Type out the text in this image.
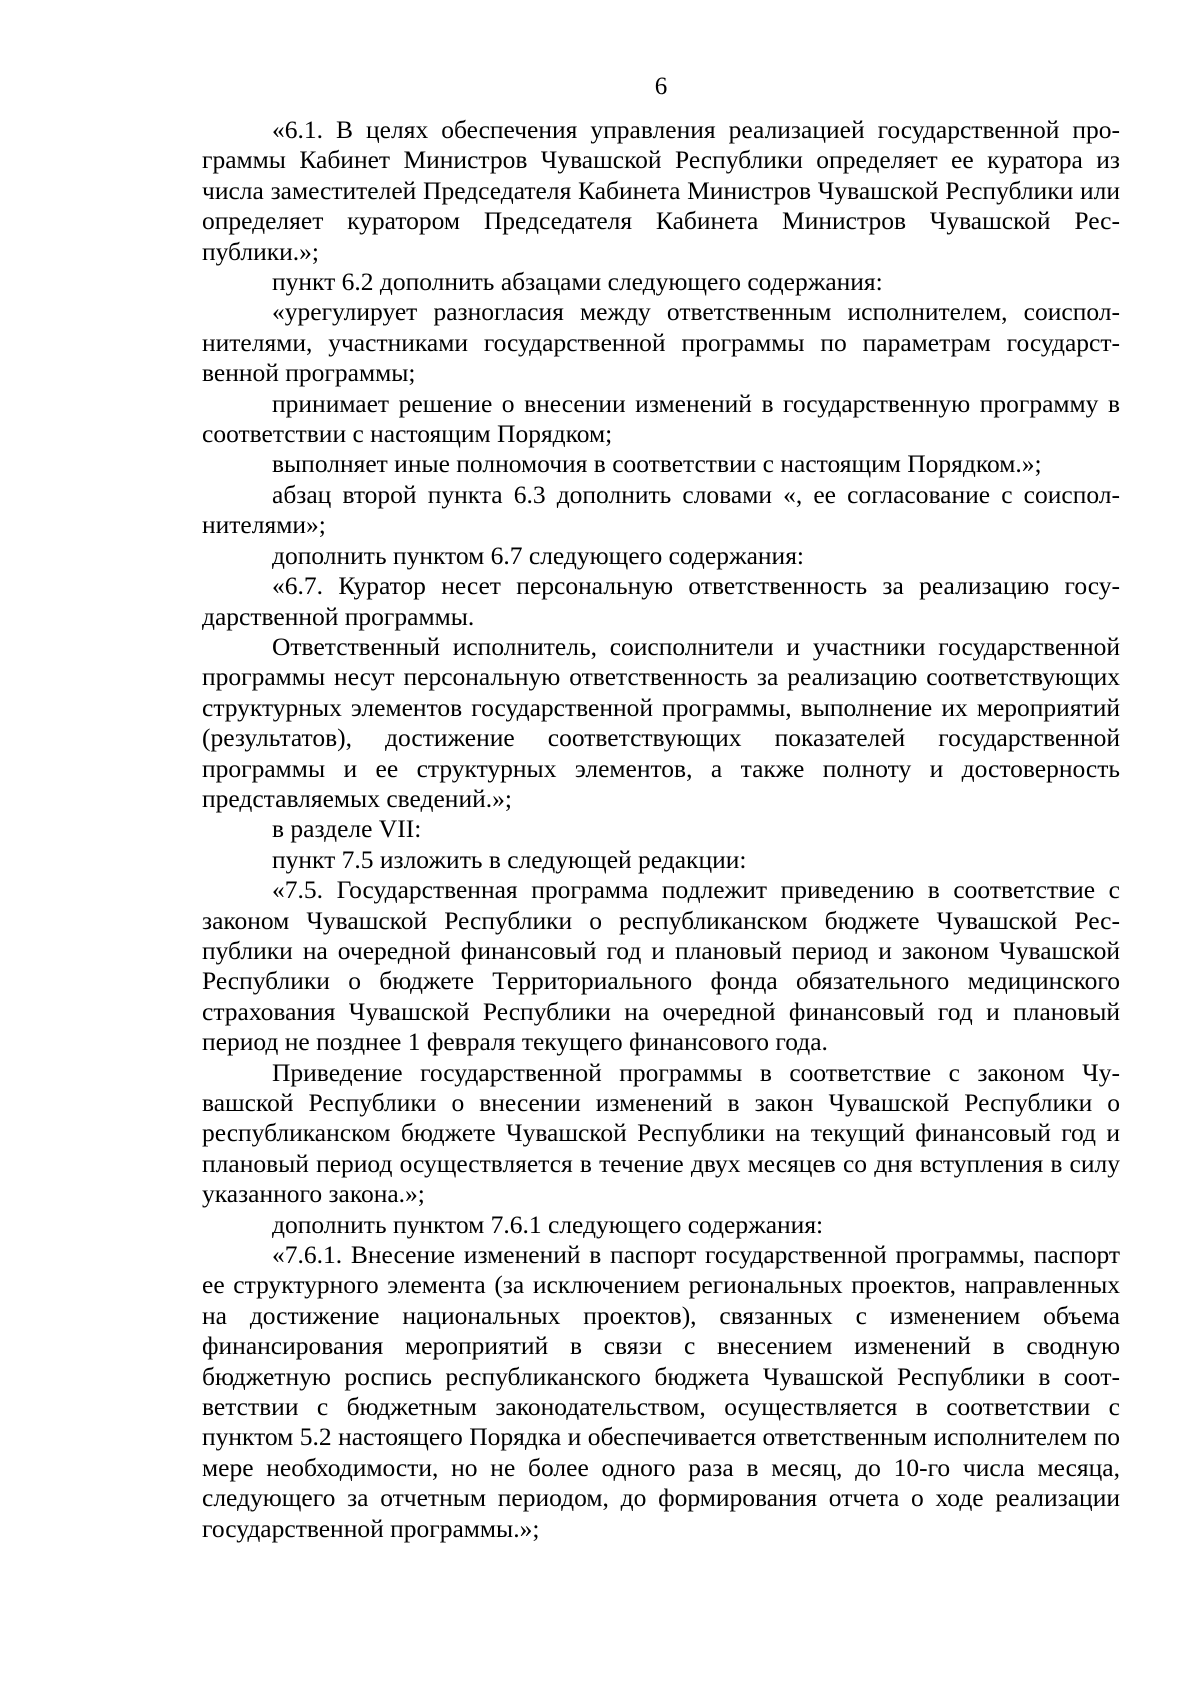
6

«6.1. В целях обеспечения управления реализацией государственной программы Кабинет Министров Чувашской Республики определяет ее куратора из числа заместителей Председателя Кабинета Министров Чувашской Республики или определяет куратором Председателя Кабинета Министров Чувашской Республики.»;

пункт 6.2 дополнить абзацами следующего содержания:

«урегулирует разногласия между ответственным исполнителем, соисполнителями, участниками государственной программы по параметрам государственной программы;

принимает решение о внесении изменений в государственную программу в соответствии с настоящим Порядком;

выполняет иные полномочия в соответствии с настоящим Порядком.»;

абзац второй пункта 6.3 дополнить словами «, ее согласование с соисполнителями»;

дополнить пунктом 6.7 следующего содержания:

«6.7. Куратор несет персональную ответственность за реализацию государственной программы.

Ответственный исполнитель, соисполнители и участники государственной программы несут персональную ответственность за реализацию соответствующих структурных элементов государственной программы, выполнение их мероприятий (результатов), достижение соответствующих показателей государственной программы и ее структурных элементов, а также полноту и достоверность представляемых сведений.»;

в разделе VII:

пункт 7.5 изложить в следующей редакции:

«7.5. Государственная программа подлежит приведению в соответствие с законом Чувашской Республики о республиканском бюджете Чувашской Республики на очередной финансовый год и плановый период и законом Чувашской Республики о бюджете Территориального фонда обязательного медицинского страхования Чувашской Республики на очередной финансовый год и плановый период не позднее 1 февраля текущего финансового года.

Приведение государственной программы в соответствие с законом Чувашской Республики о внесении изменений в закон Чувашской Республики о республиканском бюджете Чувашской Республики на текущий финансовый год и плановый период осуществляется в течение двух месяцев со дня вступления в силу указанного закона.»;

дополнить пунктом 7.6.1 следующего содержания:

«7.6.1. Внесение изменений в паспорт государственной программы, паспорт ее структурного элемента (за исключением региональных проектов, направленных на достижение национальных проектов), связанных с изменением объема финансирования мероприятий в связи с внесением изменений в сводную бюджетную роспись республиканского бюджета Чувашской Республики в соответствии с бюджетным законодательством, осуществляется в соответствии с пунктом 5.2 настоящего Порядка и обеспечивается ответственным исполнителем по мере необходимости, но не более одного раза в месяц, до 10-го числа месяца, следующего за отчетным периодом, до формирования отчета о ходе реализации государственной программы.»;
